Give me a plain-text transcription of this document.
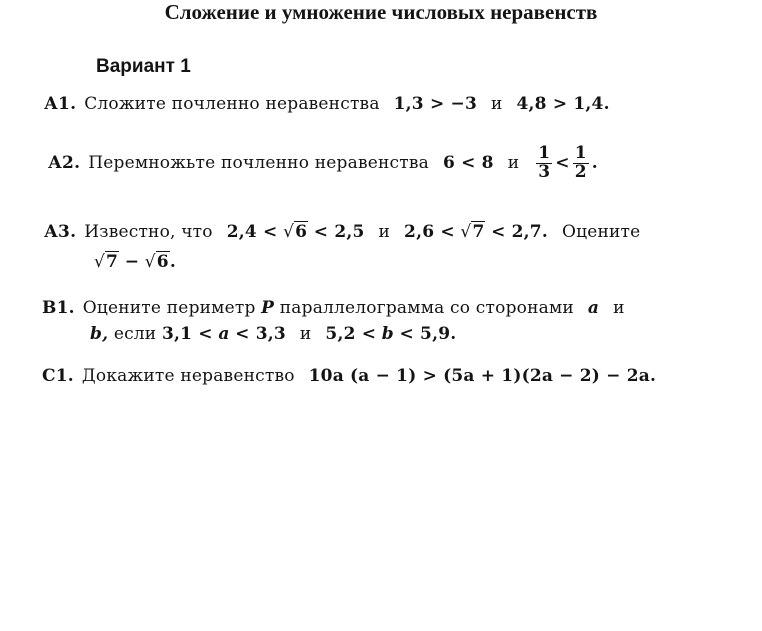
Сложение и умножение числовых неравенств
Вариант 1
А1. Сложите почленно неравенства 1,3 > −3 и 4,8 > 1,4.
А2. Перемножьте почленно неравенства 6 < 8 и $\frac{1}{3} < \frac{1}{2}$ .
А3. Известно, что 2,4 < √6 < 2,5 и 2,6 < √7 < 2,7. Оцените
√7 − √6.
В1. Оцените периметр P параллелограмма со сторонами a и
b, если 3,1 < a < 3,3 и 5,2 < b < 5,9.
С1. Докажите неравенство 10a (a − 1) > (5a + 1)(2a − 2) − 2a.
